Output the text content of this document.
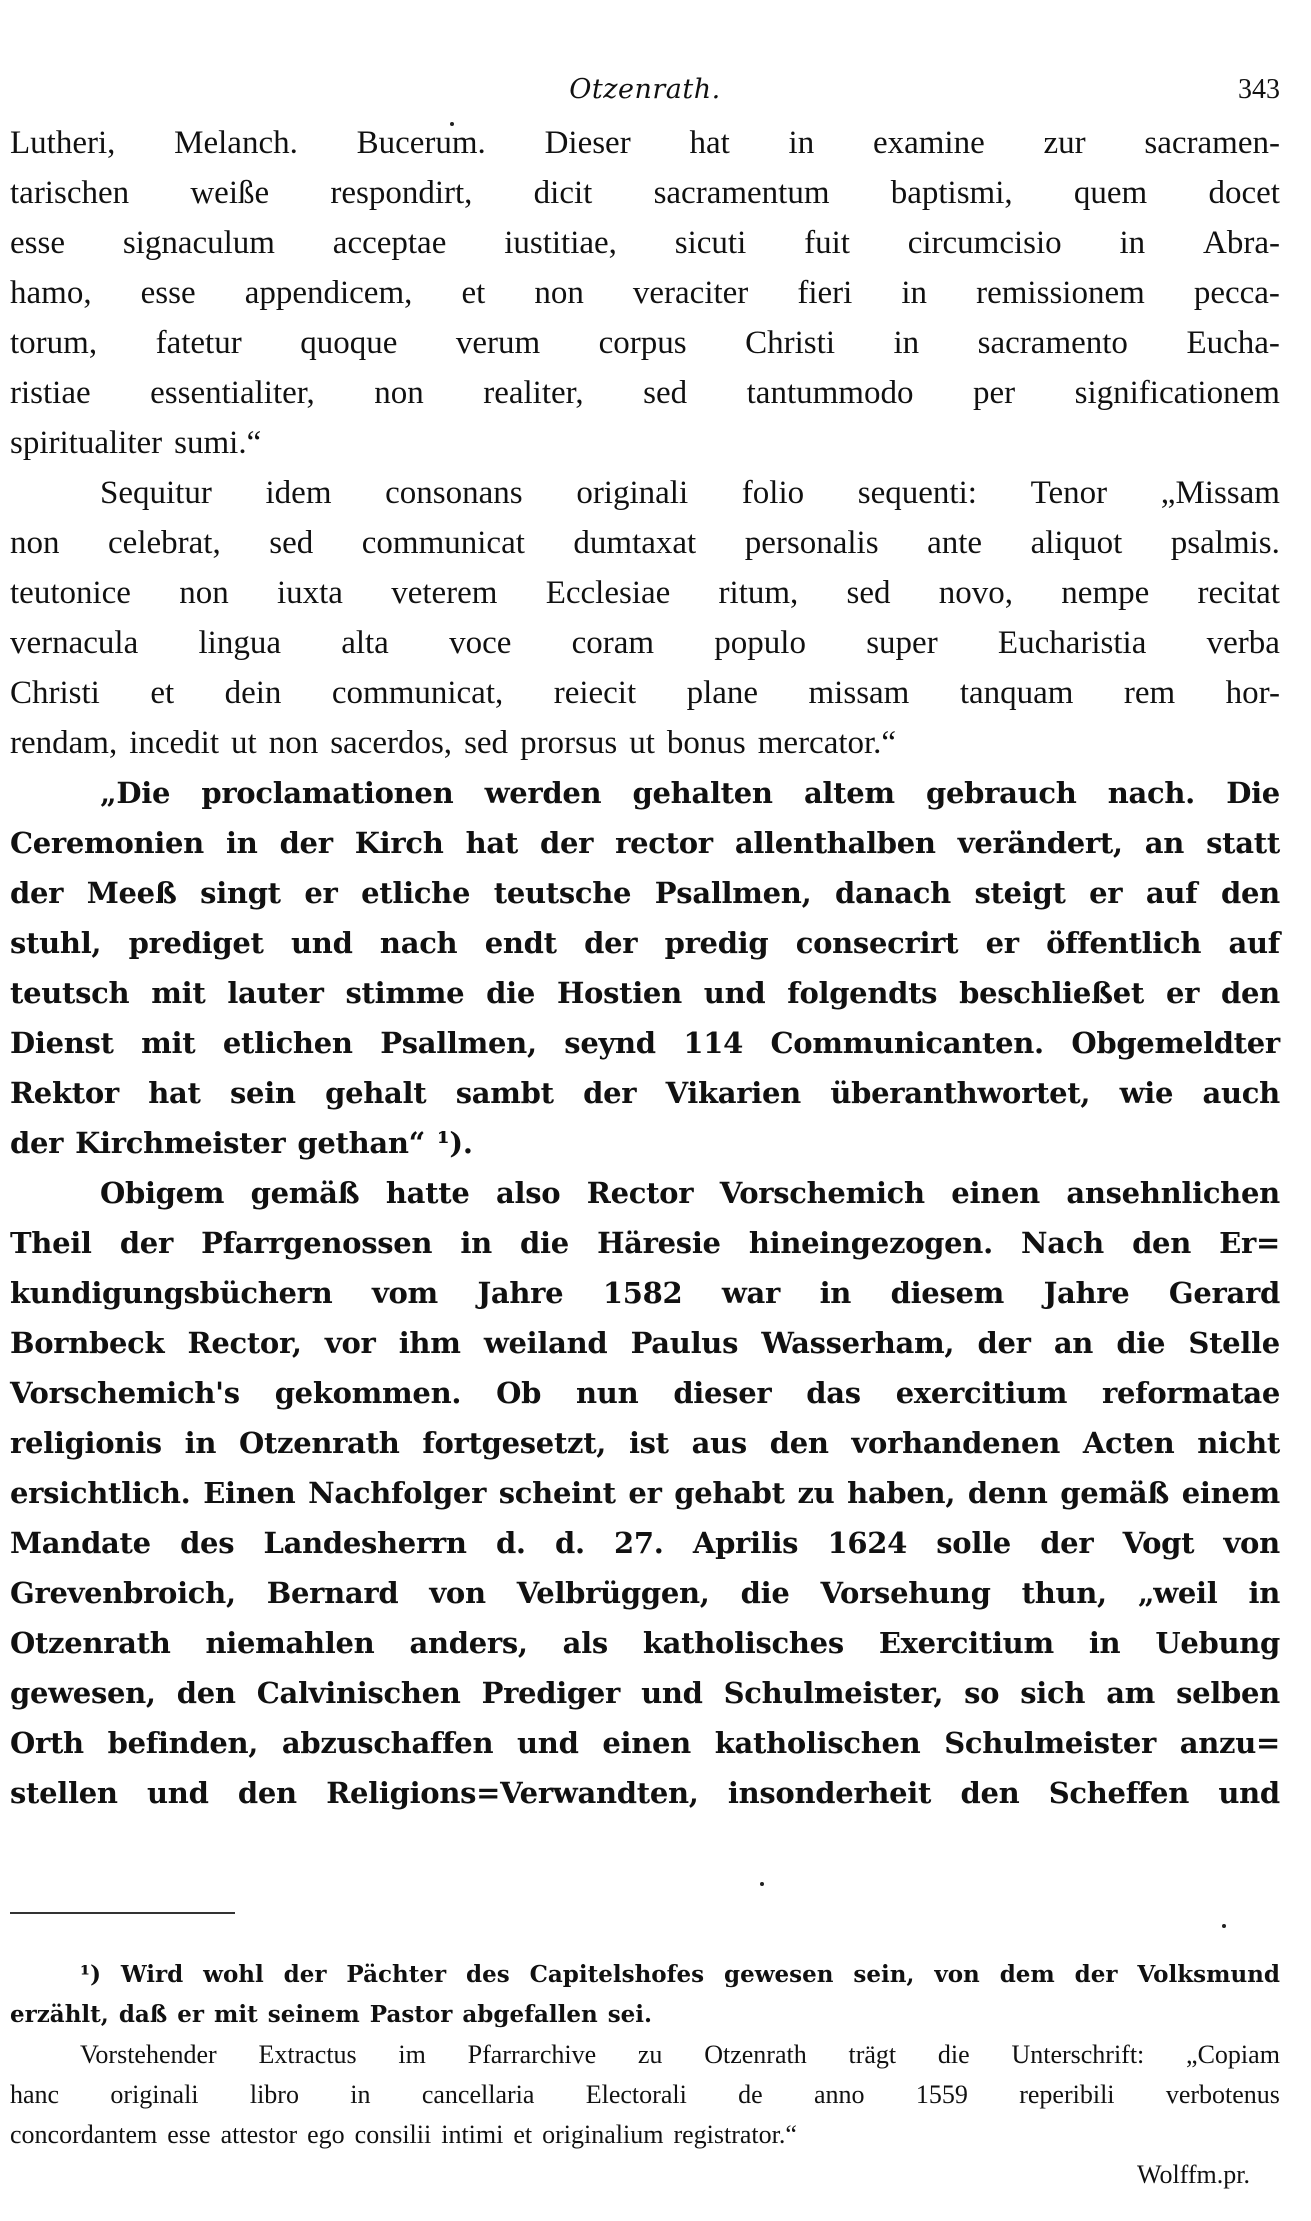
Otzenrath.	343
Lutheri, Melanch. Bucerum. Dieser hat in examine zur sacramen-
tarischen weiße respondirt, dicit sacramentum baptismi, quem docet
esse signaculum acceptae iustitiae, sicuti fuit circumcisio in Abra-
hamo, esse appendicem, et non veraciter fieri in remissionem pecca-
torum, fatetur quoque verum corpus Christi in sacramento Eucha-
ristiae essentialiter, non realiter, sed tantummodo per significationem
spiritualiter sumi.“
Sequitur idem consonans originali folio sequenti: Tenor „Missam
non celebrat, sed communicat dumtaxat personalis ante aliquot psalmis.
teutonice non iuxta veterem Ecclesiae ritum, sed novo, nempe recitat
vernacula lingua alta voce coram populo super Eucharistia verba
Christi et dein communicat, reiecit plane missam tanquam rem hor-
rendam, incedit ut non sacerdos, sed prorsus ut bonus mercator.“
„Die proclamationen werden gehalten altem gebrauch nach. Die
Ceremonien in der Kirch hat der rector allenthalben verändert, an statt
der Meeß singt er etliche teutsche Psallmen, danach steigt er auf den
stuhl, prediget und nach endt der predig consecrirt er öffentlich auf
teutsch mit lauter stimme die Hostien und folgendts beschließet er den
Dienst mit etlichen Psallmen, seynd 114 Communicanten. Obgemeldter
Rektor hat sein gehalt sambt der Vikarien überanthwortet, wie auch
der Kirchmeister gethan“ ¹).
Obigem gemäß hatte also Rector Vorschemich einen ansehnlichen
Theil der Pfarrgenossen in die Häresie hineingezogen. Nach den Er=
kundigungsbüchern vom Jahre 1582 war in diesem Jahre Gerard
Bornbeck Rector, vor ihm weiland Paulus Wasserham, der an die Stelle
Vorschemich's gekommen. Ob nun dieser das exercitium reformatae
religionis in Otzenrath fortgesetzt, ist aus den vorhandenen Acten nicht
ersichtlich. Einen Nachfolger scheint er gehabt zu haben, denn gemäß einem
Mandate des Landesherrn d. d. 27. Aprilis 1624 solle der Vogt von
Grevenbroich, Bernard von Velbrüggen, die Vorsehung thun, „weil in
Otzenrath niemahlen anders, als katholisches Exercitium in Uebung
gewesen, den Calvinischen Prediger und Schulmeister, so sich am selben
Orth befinden, abzuschaffen und einen katholischen Schulmeister anzu=
stellen und den Religions=Verwandten, insonderheit den Scheffen und
¹) Wird wohl der Pächter des Capitelshofes gewesen sein, von dem der Volksmund
erzählt, daß er mit seinem Pastor abgefallen sei.
Vorstehender Extractus im Pfarrarchive zu Otzenrath trägt die Unterschrift: „Copiam
hanc originali libro in cancellaria Electorali de anno 1559 reperibili verbotenus
concordantem esse attestor ego consilii intimi et originalium registrator.“
Wolff m. pr.
